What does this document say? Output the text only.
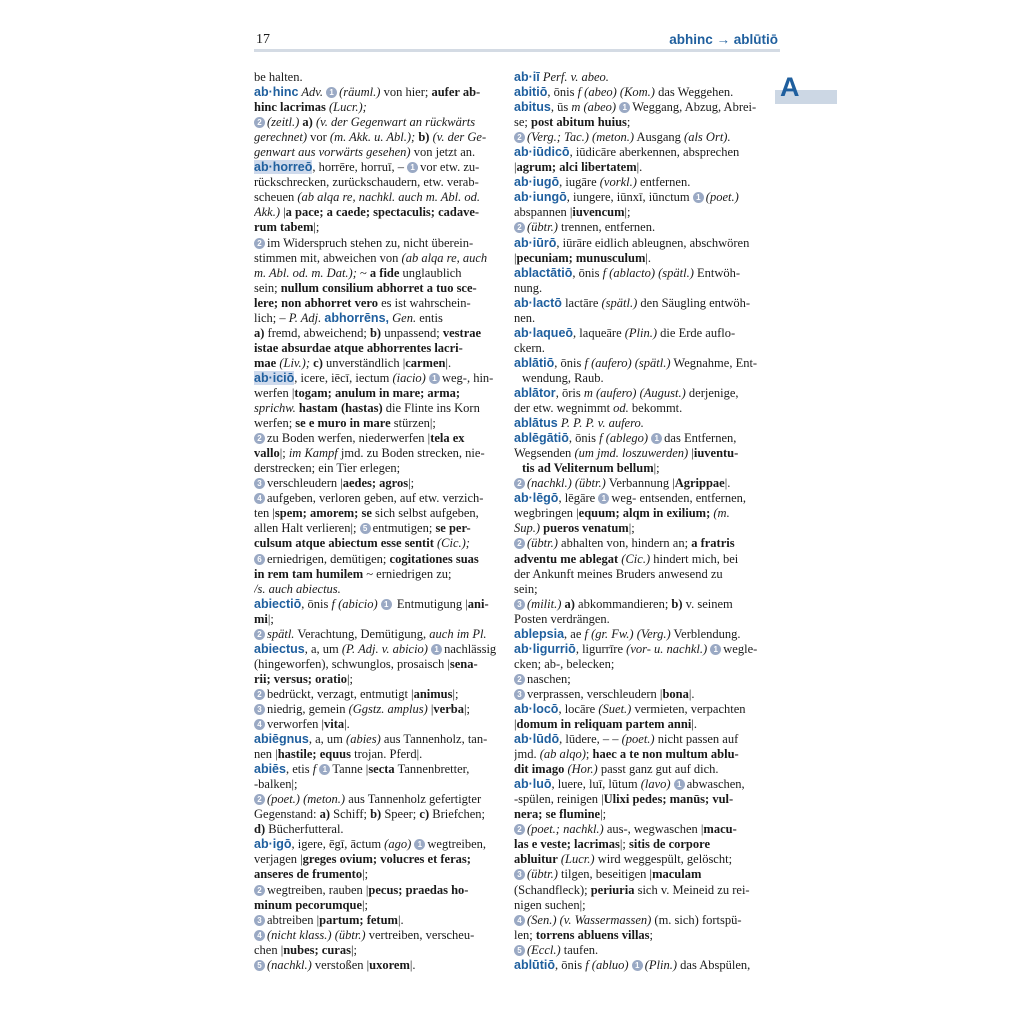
17	abhinc → ablūtiō
A
be halten.
ab·hinc Adv. 1 (räuml.) von hier; aufer ab-
hinc lacrimas (Lucr.);
2 (zeitl.) a) (v. der Gegenwart an rückwärts
gerechnet) vor (m. Akk. u. Abl.); b) (v. der Ge-
genwart aus vorwärts gesehen) von jetzt an.
ab·horreō, horrēre, horruī, – 1 vor etw. zu-
rückschrecken, zurückschaudern, etw. verab-
scheuen (ab alqa re, nachkl. auch m. Abl. od.
Akk.) |a pace; a caede; spectaculis; cadave-
rum tabem|;
2 im Widerspruch stehen zu, nicht überein-
stimmen mit, abweichen von (ab alqa re, auch
m. Abl. od. m. Dat.); ~ a fide unglaublich
sein; nullum consilium abhorret a tuo sce-
lere; non abhorret vero es ist wahrschein-
lich; – P. Adj. abhorrēns, Gen. entis
a) fremd, abweichend; b) unpassend; vestrae
istae absurdae atque abhorrentes lacri-
mae (Liv.); c) unverständlich |carmen|.
ab·iciō, icere, iēcī, iectum (iacio) 1 weg-, hin-
werfen |togam; anulum in mare; arma;
sprichw. hastam (hastas) die Flinte ins Korn
werfen; se e muro in mare stürzen|;
2 zu Boden werfen, niederwerfen |tela ex
vallo|; im Kampf jmd. zu Boden strecken, nie-
derstrecken; ein Tier erlegen;
3 verschleudern |aedes; agros|;
4 aufgeben, verloren geben, auf etw. verzich-
ten |spem; amorem; se sich selbst aufgeben,
allen Halt verlieren|; 5 entmutigen; se per-
culsum atque abiectum esse sentit (Cic.);
6 erniedrigen, demütigen; cogitationes suas
in rem tam humilem ~ erniedrigen zu;
/s. auch abiectus.
abiectiō, ōnis f (abicio) 1 Entmutigung |ani-
mi|;
2 spätl. Verachtung, Demütigung, auch im Pl.
abiectus, a, um (P. Adj. v. abicio) 1 nachlässig
(hingeworfen), schwunglos, prosaisch |sena-
rii; versus; oratio|;
2 bedrückt, verzagt, entmutigt |animus|;
3 niedrig, gemein (Ggstz. amplus) |verba|;
4 verworfen |vita|.
abiēgnus, a, um (abies) aus Tannenholz, tan-
nen |hastile; equus trojan. Pferd|.
abiēs, etis f 1 Tanne |secta Tannenbretter,
-balken|;
2 (poet.) (meton.) aus Tannenholz gefertigter
Gegenstand: a) Schiff; b) Speer; c) Briefchen;
d) Bücherfutteral.
ab·igō, igere, ēgī, āctum (ago) 1 wegtreiben,
verjagen |greges ovium; volucres et feras;
anseres de frumento|;
2 wegtreiben, rauben |pecus; praedas ho-
minum pecorumque|;
3 abtreiben |partum; fetum|.
4 (nicht klass.) (übtr.) vertreiben, verscheu-
chen |nubes; curas|;
5 (nachkl.) verstoßen |uxorem|.
ab·iī Perf. v. abeo.
abitiō, ōnis f (abeo) (Kom.) das Weggehen.
abitus, ūs m (abeo) 1 Weggang, Abzug, Abrei-
se; post abitum huius;
2 (Verg.; Tac.) (meton.) Ausgang (als Ort).
ab·iūdicō, iūdicāre aberkennen, absprechen
|agrum; alci libertatem|.
ab·iugō, iugāre (vorkl.) entfernen.
ab·iungō, iungere, iūnxī, iūnctum 1 (poet.)
abspannen |iuvencum|;
2 (übtr.) trennen, entfernen.
ab·iūrō, iūrāre eidlich ableugnen, abschwören
|pecuniam; munusculum|.
ablactātiō, ōnis f (ablacto) (spätl.) Entwöh-
nung.
ab·lactō lactāre (spätl.) den Säugling entwöh-
nen.
ab·laqueō, laqueāre (Plin.) die Erde auflo-
ckern.
ablātiō, ōnis f (aufero) (spätl.) Wegnahme, Ent-
wendung, Raub.
ablātor, ōris m (aufero) (August.) derjenige,
der etw. wegnimmt od. bekommt.
ablātus P. P. P. v. aufero.
ablēgātiō, ōnis f (ablego) 1 das Entfernen,
Wegsenden (um jmd. loszuwerden) |iuventu-
tis ad Veliternum bellum|;
2 (nachkl.) (übtr.) Verbannung |Agrippae|.
ab·lēgō, lēgāre 1 weg- entsenden, entfernen,
wegbringen |equum; alqm in exilium; (m.
Sup.) pueros venatum|;
2 (übtr.) abhalten von, hindern an; a fratris
adventu me ablegat (Cic.) hindert mich, bei
der Ankunft meines Bruders anwesend zu
sein;
3 (milit.) a) abkommandieren; b) v. seinem
Posten verdrängen.
ablepsia, ae f (gr. Fw.) (Verg.) Verblendung.
ab·ligurriō, ligurrīre (vor- u. nachkl.) 1 wegle-
cken; ab-, belecken;
2 naschen;
3 verprassen, verschleudern |bona|.
ab·locō, locāre (Suet.) vermieten, verpachten
|domum in reliquam partem anni|.
ab·lūdō, lūdere, – – (poet.) nicht passen auf
jmd. (ab alqo); haec a te non multum ablu-
dit imago (Hor.) passt ganz gut auf dich.
ab·luō, luere, luī, lūtum (lavo) 1 abwaschen,
-spülen, reinigen |Ulixi pedes; manūs; vul-
nera; se flumine|;
2 (poet.; nachkl.) aus-, wegwaschen |macu-
las e veste; lacrimas|; sitis de corpore
abluitur (Lucr.) wird weggespült, gelöscht;
3 (übtr.) tilgen, beseitigen |maculam
(Schandfleck); periuria sich v. Meineid zu rei-
nigen suchen|;
4 (Sen.) (v. Wassermassen) (m. sich) fortspü-
len; torrens abluens villas;
5 (Eccl.) taufen.
ablūtiō, ōnis f (abluo) 1 (Plin.) das Abspülen,
